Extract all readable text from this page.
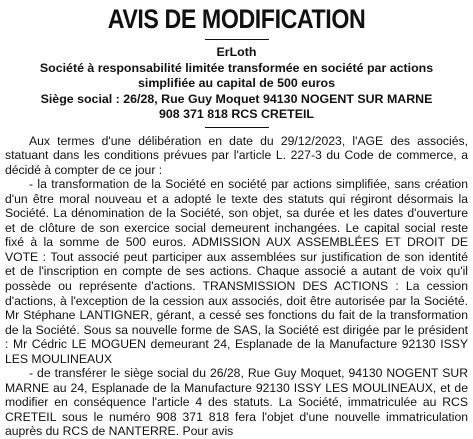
AVIS DE MODIFICATION
ErLoth
Société à responsabilité limitée transformée en société par actions
simplifiée au capital de 500 euros
Siège social : 26/28, Rue Guy Moquet 94130 NOGENT SUR MARNE
908 371 818 RCS CRETEIL

Aux termes d'une délibération en date du 29/12/2023, l'AGE des associés, statuant dans les conditions prévues par l'article L. 227-3 du Code de commerce, a décidé à compter de ce jour :

- la transformation de la Société en société par actions simplifiée, sans création d'un être moral nouveau et a adopté le texte des statuts qui régiront désormais la Société. La dénomination de la Société, son objet, sa durée et les dates d'ouverture et de clôture de son exercice social demeurent inchangées. Le capital social reste fixé à la somme de 500 euros. ADMISSION AUX ASSEMBLÉES ET DROIT DE VOTE : Tout associé peut participer aux assemblées sur justification de son identité et de l'inscription en compte de ses actions. Chaque associé a autant de voix qu'il possède ou représente d'actions. TRANSMISSION DES ACTIONS : La cession d'actions, à l'exception de la cession aux associés, doit être autorisée par la Société. Mr Stéphane LANTIGNER, gérant, a cessé ses fonctions du fait de la transformation de la Société. Sous sa nouvelle forme de SAS, la Société est dirigée par le président : Mr Cédric LE MOGUEN demeurant 24, Esplanade de la Manufacture 92130 ISSY LES MOULINEAUX

- de transférer le siège social du 26/28, Rue Guy Moquet, 94130 NOGENT SUR MARNE au 24, Esplanade de la Manufacture 92130 ISSY LES MOULINEAUX, et de modifier en conséquence l'article 4 des statuts. La Société, immatriculée au RCS CRETEIL sous le numéro 908 371 818 fera l'objet d'une nouvelle immatriculation auprès du RCS de NANTERRE. Pour avis
